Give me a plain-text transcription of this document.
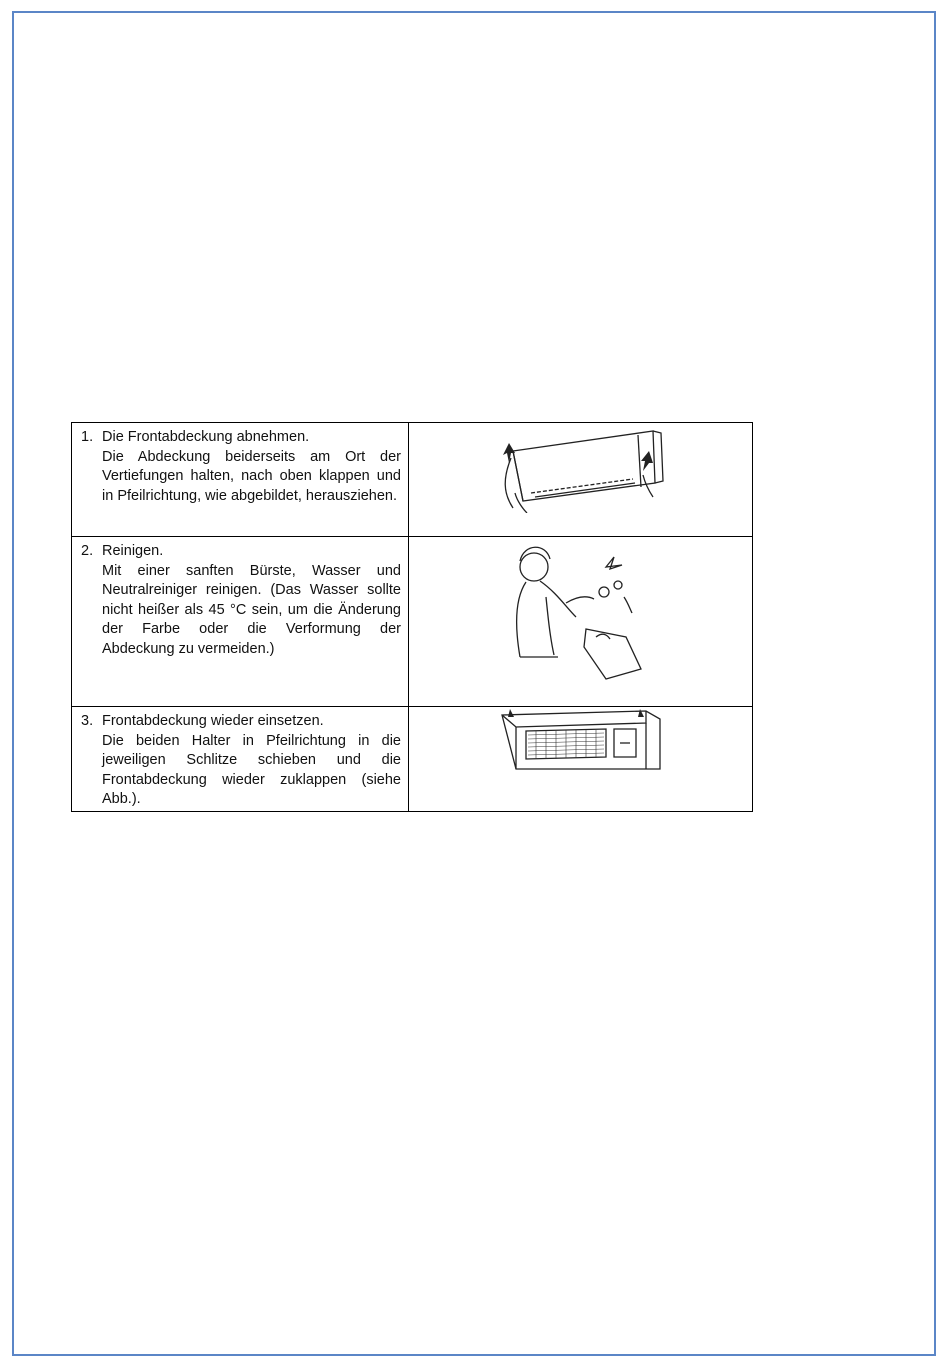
1. Die Frontabdeckung abnehmen.
Die Abdeckung beiderseits am Ort der Vertiefungen halten, nach oben klappen und in Pfeilrichtung, wie abgebildet, herausziehen.

2. Reinigen.
Mit einer sanften Bürste, Wasser und Neutralreiniger reinigen. (Das Wasser sollte nicht heißer als 45 °C sein, um die Änderung der Farbe oder die Verformung der Abdeckung zu vermeiden.)

3. Frontabdeckung wieder einsetzen.
Die beiden Halter in Pfeilrichtung in die jeweiligen Schlitze schieben und die Frontabdeckung wieder zuklappen (siehe Abb.).
